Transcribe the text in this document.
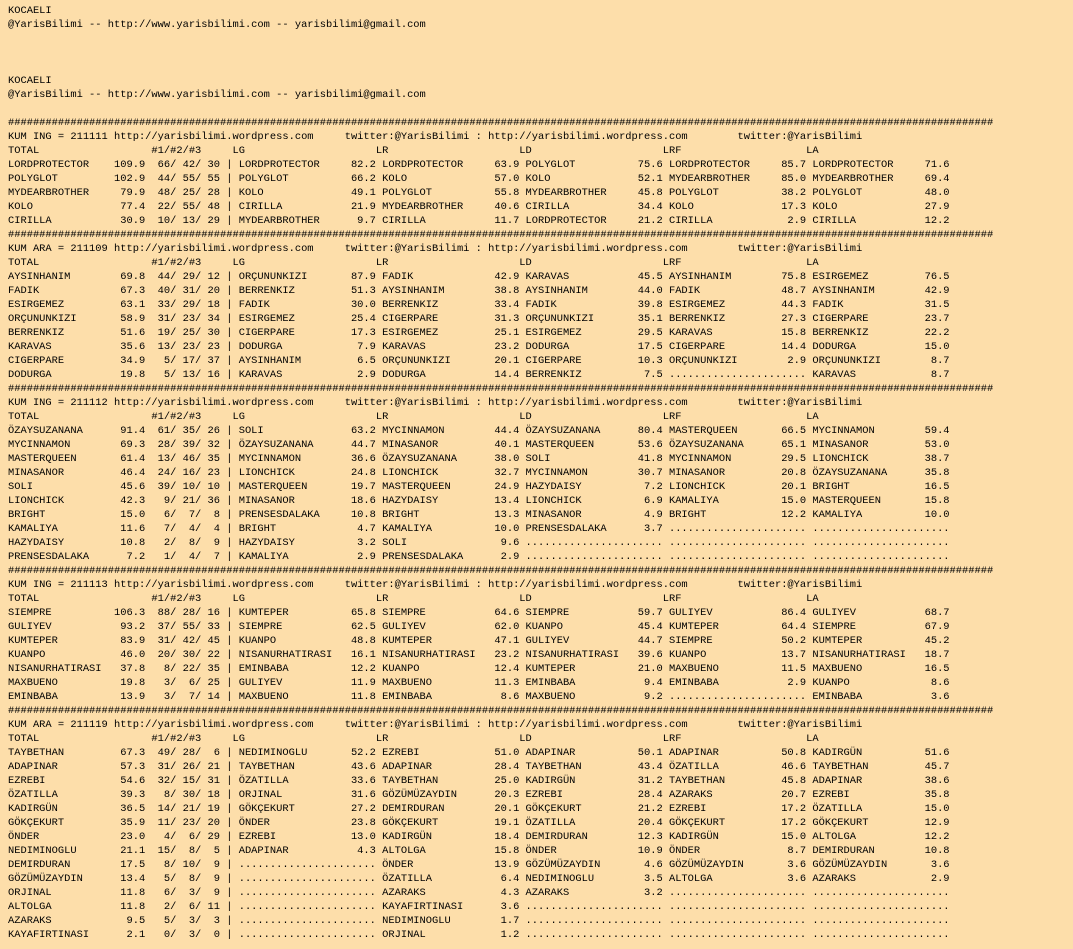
KOCAELI
@YarisBilimi -- http://www.yarisbilimi.com -- yarisbilimi@gmail.com
KOCAELI
@YarisBilimi -- http://www.yarisbilimi.com -- yarisbilimi@gmail.com
##############################################################################################################################################################
KUM ING = 211111 http://yarisbilimi.wordpress.com     twitter:@YarisBilimi : http://yarisbilimi.wordpress.com        twitter:@YarisBilimi
TOTAL                  #1/#2/#3     LG                     LR                     LD                     LRF                    LA
LORDPROTECTOR    109.9  66/ 42/ 30 | LORDPROTECTOR     82.2 LORDPROTECTOR     63.9 POLYGLOT          75.6 LORDPROTECTOR     85.7 LORDPROTECTOR     71.6
POLYGLOT         102.9  44/ 55/ 55 | POLYGLOT          66.2 KOLO              57.0 KOLO              52.1 MYDEARBROTHER     85.0 MYDEARBROTHER     69.4
MYDEARBROTHER     79.9  48/ 25/ 28 | KOLO              49.1 POLYGLOT          55.8 MYDEARBROTHER     45.8 POLYGLOT          38.2 POLYGLOT          48.0
KOLO              77.4  22/ 55/ 48 | CIRILLA           21.9 MYDEARBROTHER     40.6 CIRILLA           34.4 KOLO              17.3 KOLO              27.9
CIRILLA           30.9  10/ 13/ 29 | MYDEARBROTHER      9.7 CIRILLA           11.7 LORDPROTECTOR     21.2 CIRILLA            2.9 CIRILLA           12.2
##############################################################################################################################################################
KUM ARA = 211109 http://yarisbilimi.wordpress.com     twitter:@YarisBilimi : http://yarisbilimi.wordpress.com        twitter:@YarisBilimi
TOTAL                  #1/#2/#3     LG                     LR                     LD                     LRF                    LA
AYSINHANIM        69.8  44/ 29/ 12 | ORÇUNUNKIZI       87.9 FADIK             42.9 KARAVAS           45.5 AYSINHANIM        75.8 ESIRGEMEZ         76.5
FADIK             67.3  40/ 31/ 20 | BERRENKIZ         51.3 AYSINHANIM        38.8 AYSINHANIM        44.0 FADIK             48.7 AYSINHANIM        42.9
ESIRGEMEZ         63.1  33/ 29/ 18 | FADIK             30.0 BERRENKIZ         33.4 FADIK             39.8 ESIRGEMEZ         44.3 FADIK             31.5
ORÇUNUNKIZI       58.9  31/ 23/ 34 | ESIRGEMEZ         25.4 CIGERPARE         31.3 ORÇUNUNKIZI       35.1 BERRENKIZ         27.3 CIGERPARE         23.7
BERRENKIZ         51.6  19/ 25/ 30 | CIGERPARE         17.3 ESIRGEMEZ         25.1 ESIRGEMEZ         29.5 KARAVAS           15.8 BERRENKIZ         22.2
KARAVAS           35.6  13/ 23/ 23 | DODURGA            7.9 KARAVAS           23.2 DODURGA           17.5 CIGERPARE         14.4 DODURGA           15.0
CIGERPARE         34.9   5/ 17/ 37 | AYSINHANIM         6.5 ORÇUNUNKIZI       20.1 CIGERPARE         10.3 ORÇUNUNKIZI        2.9 ORÇUNUNKIZI        8.7
DODURGA           19.8   5/ 13/ 16 | KARAVAS            2.9 DODURGA           14.4 BERRENKIZ          7.5 ...................... KARAVAS            8.7
##############################################################################################################################################################
KUM ING = 211112 http://yarisbilimi.wordpress.com     twitter:@YarisBilimi : http://yarisbilimi.wordpress.com        twitter:@YarisBilimi
TOTAL                  #1/#2/#3     LG                     LR                     LD                     LRF                    LA
ÖZAYSUZANANA      91.4  61/ 35/ 26 | SOLI              63.2 MYCINNAMON        44.4 ÖZAYSUZANANA      80.4 MASTERQUEEN       66.5 MYCINNAMON        59.4
MYCINNAMON        69.3  28/ 39/ 32 | ÖZAYSUZANANA      44.7 MINASANOR         40.1 MASTERQUEEN       53.6 ÖZAYSUZANANA      65.1 MINASANOR         53.0
MASTERQUEEN       61.4  13/ 46/ 35 | MYCINNAMON        36.6 ÖZAYSUZANANA      38.0 SOLI              41.8 MYCINNAMON        29.5 LIONCHICK         38.7
MINASANOR         46.4  24/ 16/ 23 | LIONCHICK         24.8 LIONCHICK         32.7 MYCINNAMON        30.7 MINASANOR         20.8 ÖZAYSUZANANA      35.8
SOLI              45.6  39/ 10/ 10 | MASTERQUEEN       19.7 MASTERQUEEN       24.9 HAZYDAISY          7.2 LIONCHICK         20.1 BRIGHT            16.5
LIONCHICK         42.3   9/ 21/ 36 | MINASANOR         18.6 HAZYDAISY         13.4 LIONCHICK          6.9 KAMALIYA          15.0 MASTERQUEEN       15.8
BRIGHT            15.0   6/  7/  8 | PRENSESDALAKA     10.8 BRIGHT            13.3 MINASANOR          4.9 BRIGHT            12.2 KAMALIYA          10.0
KAMALIYA          11.6   7/  4/  4 | BRIGHT             4.7 KAMALIYA          10.0 PRENSESDALAKA      3.7 ...................... ......................
HAZYDAISY         10.8   2/  8/  9 | HAZYDAISY          3.2 SOLI               9.6 ...................... ...................... ......................
PRENSESDALAKA      7.2   1/  4/  7 | KAMALIYA           2.9 PRENSESDALAKA      2.9 ...................... ...................... ......................
##############################################################################################################################################################
KUM ING = 211113 http://yarisbilimi.wordpress.com     twitter:@YarisBilimi : http://yarisbilimi.wordpress.com        twitter:@YarisBilimi
TOTAL                  #1/#2/#3     LG                     LR                     LD                     LRF                    LA
SIEMPRE          106.3  88/ 28/ 16 | KUMTEPER          65.8 SIEMPRE           64.6 SIEMPRE           59.7 GULIYEV           86.4 GULIYEV           68.7
GULIYEV           93.2  37/ 55/ 33 | SIEMPRE           62.5 GULIYEV           62.0 KUANPO            45.4 KUMTEPER          64.4 SIEMPRE           67.9
KUMTEPER          83.9  31/ 42/ 45 | KUANPO            48.8 KUMTEPER          47.1 GULIYEV           44.7 SIEMPRE           50.2 KUMTEPER          45.2
KUANPO            46.0  20/ 30/ 22 | NISANURHATIRASI   16.1 NISANURHATIRASI   23.2 NISANURHATIRASI   39.6 KUANPO            13.7 NISANURHATIRASI   18.7
NISANURHATIRASI   37.8   8/ 22/ 35 | EMINBABA          12.2 KUANPO            12.4 KUMTEPER          21.0 MAXBUENO          11.5 MAXBUENO          16.5
MAXBUENO          19.8   3/  6/ 25 | GULIYEV           11.9 MAXBUENO          11.3 EMINBABA           9.4 EMINBABA           2.9 KUANPO             8.6
EMINBABA          13.9   3/  7/ 14 | MAXBUENO          11.8 EMINBABA           8.6 MAXBUENO           9.2 ...................... EMINBABA           3.6
##############################################################################################################################################################
KUM ARA = 211119 http://yarisbilimi.wordpress.com     twitter:@YarisBilimi : http://yarisbilimi.wordpress.com        twitter:@YarisBilimi
TOTAL                  #1/#2/#3     LG                     LR                     LD                     LRF                    LA
TAYBETHAN         67.3  49/ 28/  6 | NEDIMINOGLU       52.2 EZREBI            51.0 ADAPINAR          50.1 ADAPINAR          50.8 KADIRGÜN          51.6
ADAPINAR          57.3  31/ 26/ 21 | TAYBETHAN         43.6 ADAPINAR          28.4 TAYBETHAN         43.4 ÖZATILLA          46.6 TAYBETHAN         45.7
EZREBI            54.6  32/ 15/ 31 | ÖZATILLA          33.6 TAYBETHAN         25.0 KADIRGÜN          31.2 TAYBETHAN         45.8 ADAPINAR          38.6
ÖZATILLA          39.3   8/ 30/ 18 | ORJINAL           31.6 GÖZÜMÜZAYDIN      20.3 EZREBI            28.4 AZARAKS           20.7 EZREBI            35.8
KADIRGÜN          36.5  14/ 21/ 19 | GÖKÇEKURT         27.2 DEMIRDURAN        20.1 GÖKÇEKURT         21.2 EZREBI            17.2 ÖZATILLA          15.0
GÖKÇEKURT         35.9  11/ 23/ 20 | ÖNDER             23.8 GÖKÇEKURT         19.1 ÖZATILLA          20.4 GÖKÇEKURT         17.2 GÖKÇEKURT         12.9
ÖNDER             23.0   4/  6/ 29 | EZREBI            13.0 KADIRGÜN          18.4 DEMIRDURAN        12.3 KADIRGÜN          15.0 ALTOLGA           12.2
NEDIMINOGLU       21.1  15/  8/  5 | ADAPINAR           4.3 ALTOLGA           15.8 ÖNDER             10.9 ÖNDER              8.7 DEMIRDURAN        10.8
DEMIRDURAN        17.5   8/ 10/  9 | ...................... ÖNDER             13.9 GÖZÜMÜZAYDIN       4.6 GÖZÜMÜZAYDIN       3.6 GÖZÜMÜZAYDIN       3.6
GÖZÜMÜZAYDIN      13.4   5/  8/  9 | ...................... ÖZATILLA           6.4 NEDIMINOGLU        3.5 ALTOLGA            3.6 AZARAKS            2.9
ORJINAL           11.8   6/  3/  9 | ...................... AZARAKS            4.3 AZARAKS            3.2 ...................... ......................
ALTOLGA           11.8   2/  6/ 11 | ...................... KAYAFIRTINASI      3.6 ...................... ...................... ......................
AZARAKS            9.5   5/  3/  3 | ...................... NEDIMINOGLU        1.7 ...................... ...................... ......................
KAYAFIRTINASI      2.1   0/  3/  0 | ...................... ORJINAL            1.2 ...................... ...................... ......................
